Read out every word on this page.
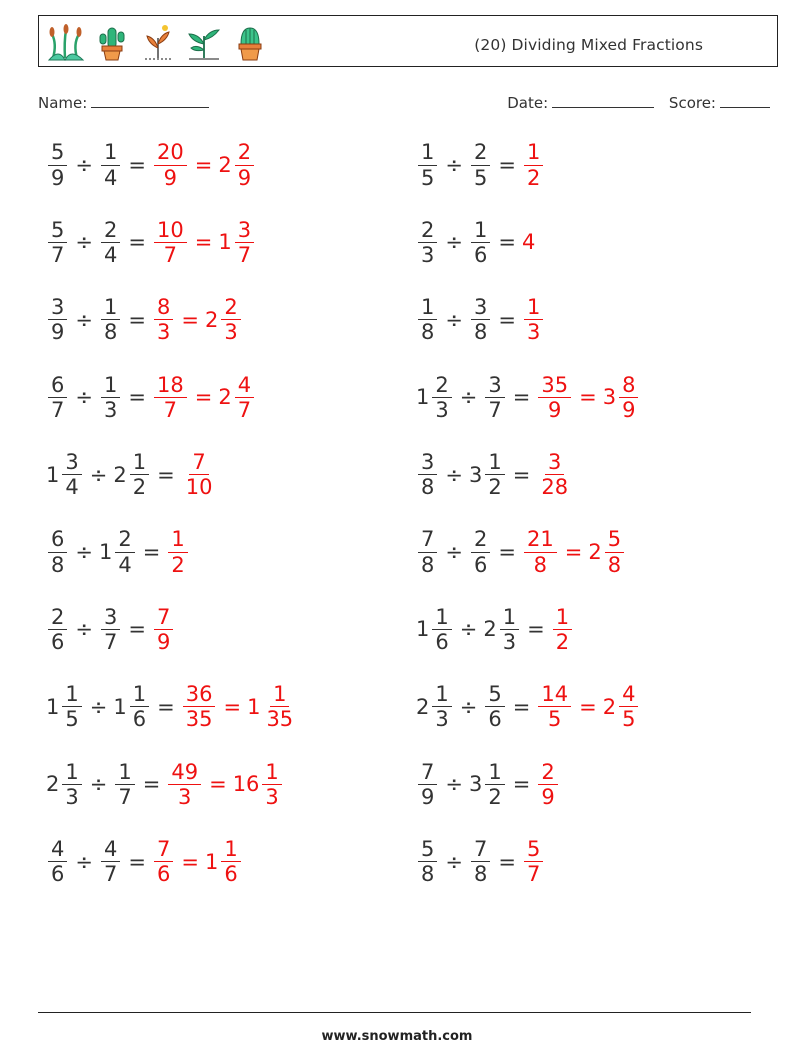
(20) Dividing Mixed Fractions
Name:	Date:	Score:
$\frac{5}{9} \div \frac{1}{4} = \frac{20}{9} = 2 \frac{2}{9}$	$\frac{1}{5} \div \frac{2}{5} = \frac{1}{2}$
$\frac{5}{7} \div \frac{2}{4} = \frac{10}{7} = 1 \frac{3}{7}$	$\frac{2}{3} \div \frac{1}{6} = 4$
$\frac{3}{9} \div \frac{1}{8} = \frac{8}{3} = 2 \frac{2}{3}$	$\frac{1}{8} \div \frac{3}{8} = \frac{1}{3}$
$\frac{6}{7} \div \frac{1}{3} = \frac{18}{7} = 2 \frac{4}{7}$	$1 \frac{2}{3} \div \frac{3}{7} = \frac{35}{9} = 3 \frac{8}{9}$
$1 \frac{3}{4} \div 2 \frac{1}{2} = \frac{7}{10}$	$\frac{3}{8} \div 3 \frac{1}{2} = \frac{3}{28}$
$\frac{6}{8} \div 1 \frac{2}{4} = \frac{1}{2}$	$\frac{7}{8} \div \frac{2}{6} = \frac{21}{8} = 2 \frac{5}{8}$
$\frac{2}{6} \div \frac{3}{7} = \frac{7}{9}$	$1 \frac{1}{6} \div 2 \frac{1}{3} = \frac{1}{2}$
$1 \frac{1}{5} \div 1 \frac{1}{6} = \frac{36}{35} = 1 \frac{1}{35}$	$2 \frac{1}{3} \div \frac{5}{6} = \frac{14}{5} = 2 \frac{4}{5}$
$2 \frac{1}{3} \div \frac{1}{7} = \frac{49}{3} = 16 \frac{1}{3}$	$\frac{7}{9} \div 3 \frac{1}{2} = \frac{2}{9}$
$\frac{4}{6} \div \frac{4}{7} = \frac{7}{6} = 1 \frac{1}{6}$	$\frac{5}{8} \div \frac{7}{8} = \frac{5}{7}$
www.snowmath.com
